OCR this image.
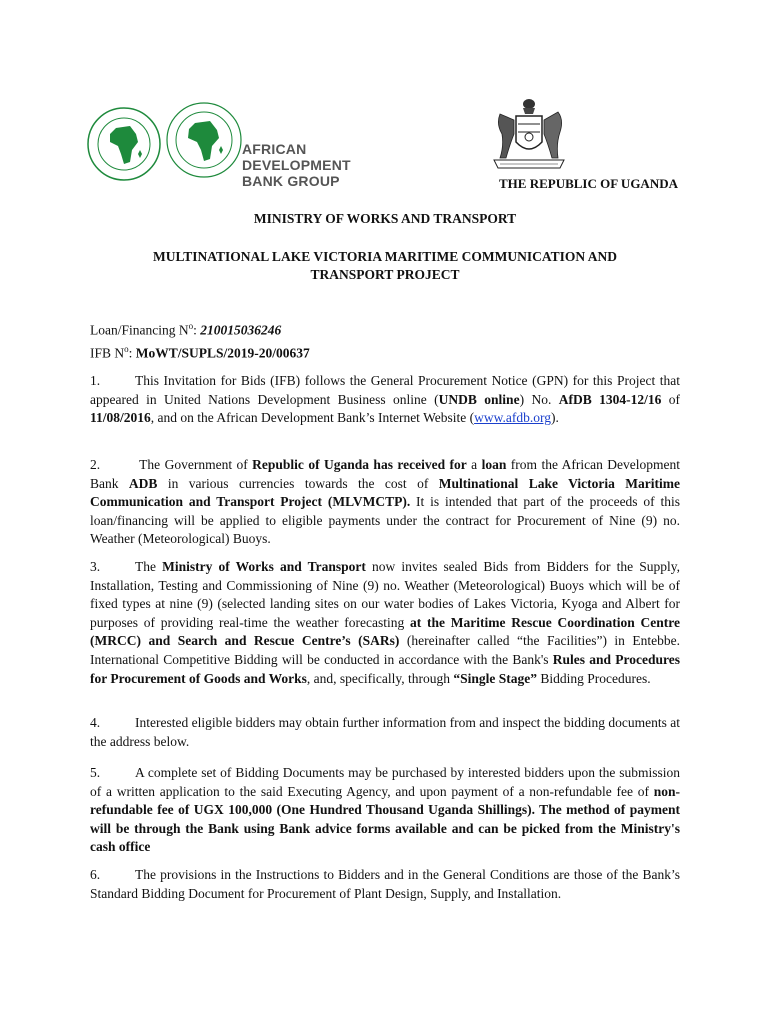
AFRICAN DEVELOPMENT
BANK GROUP	THE REPUBLIC OF UGANDA
MINISTRY OF WORKS AND TRANSPORT
MULTINATIONAL LAKE VICTORIA MARITIME COMMUNICATION AND
TRANSPORT PROJECT
Loan/Financing $N^o$: 210015036246
IFB $N^o$: MoWT/SUPLS/2019-20/00637
1.	This Invitation for Bids (IFB) follows the General Procurement Notice (GPN) for this Project that appeared in United Nations Development Business online (UNDB online) No. AfDB 1304-12/16 of 11/08/2016, and on the African Development Bank’s Internet Website (www.afdb.org).
2.	The Government of Republic of Uganda has received for a loan from the African Development Bank ADB in various currencies towards the cost of Multinational Lake Victoria Maritime Communication and Transport Project (MLVMCTP). It is intended that part of the proceeds of this loan/financing will be applied to eligible payments under the contract for Procurement of Nine (9) no. Weather (Meteorological) Buoys.
3.	The Ministry of Works and Transport now invites sealed Bids from Bidders for the Supply, Installation, Testing and Commissioning of Nine (9) no. Weather (Meteorological) Buoys which will be of fixed types at nine (9) (selected landing sites on our water bodies of Lakes Victoria, Kyoga and Albert for purposes of providing real-time the weather forecasting at the Maritime Rescue Coordination Centre (MRCC) and Search and Rescue Centre’s (SARs) (hereinafter called “the Facilities”) in Entebbe. International Competitive Bidding will be conducted in accordance with the Bank's Rules and Procedures for Procurement of Goods and Works, and, specifically, through “Single Stage” Bidding Procedures.
4.	Interested eligible bidders may obtain further information from and inspect the bidding documents at the address below.
5.	A complete set of Bidding Documents may be purchased by interested bidders upon the submission of a written application to the said Executing Agency, and upon payment of a non-refundable fee of non-refundable fee of UGX 100,000 (One Hundred Thousand Uganda Shillings). The method of payment will be through the Bank using Bank advice forms available and can be picked from the Ministry's cash office
6.	The provisions in the Instructions to Bidders and in the General Conditions are those of the Bank’s Standard Bidding Document for Procurement of Plant Design, Supply, and Installation.
